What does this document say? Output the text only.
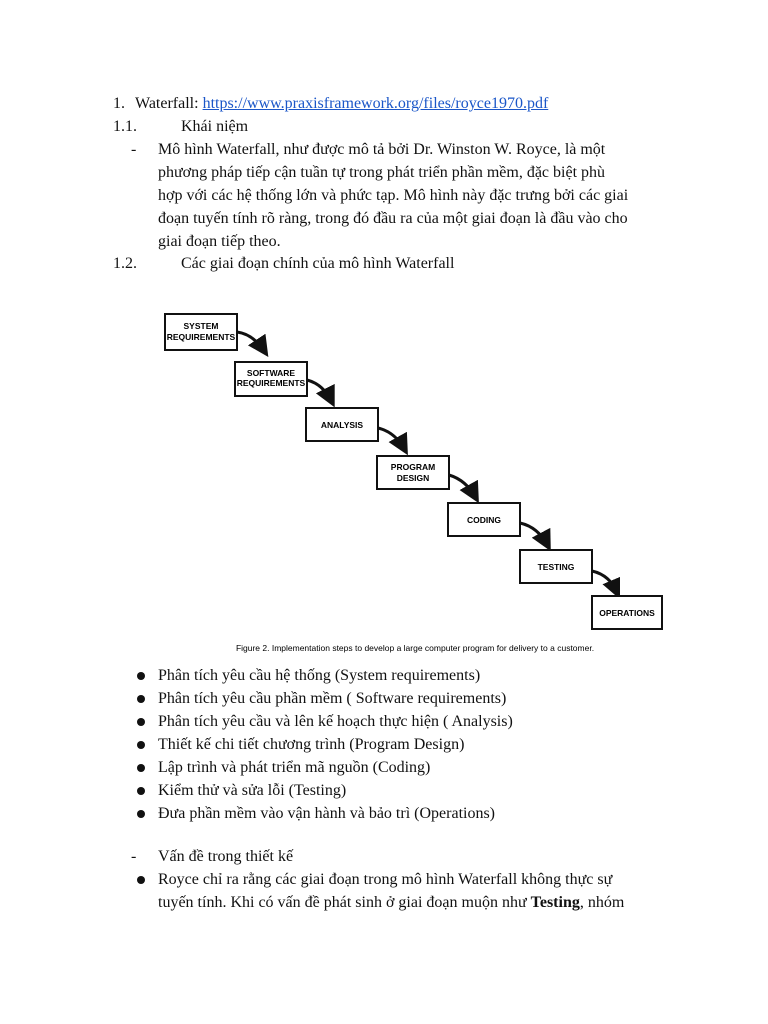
1. Waterfall: https://www.praxisframework.org/files/royce1970.pdf
1.1.	Khái niệm
- Mô hình Waterfall, như được mô tả bởi Dr. Winston W. Royce, là một
phương pháp tiếp cận tuần tự trong phát triển phần mềm, đặc biệt phù
hợp với các hệ thống lớn và phức tạp. Mô hình này đặc trưng bởi các giai
đoạn tuyến tính rõ ràng, trong đó đầu ra của một giai đoạn là đầu vào cho
giai đoạn tiếp theo.
1.2.	Các giai đoạn chính của mô hình Waterfall
SYSTEM
REQUIREMENTS
SOFTWARE
REQUIREMENTS
ANALYSIS
PROGRAM
DESIGN
CODING
TESTING
OPERATIONS
Figure 2. Implementation steps to develop a large computer program for delivery to a customer.
Phân tích yêu cầu hệ thống (System requirements)
Phân tích yêu cầu phần mềm ( Software requirements)
Phân tích yêu cầu và lên kế hoạch thực hiện ( Analysis)
Thiết kế chi tiết chương trình (Program Design)
Lập trình và phát triển mã nguồn (Coding)
Kiểm thử và sửa lỗi (Testing)
Đưa phần mềm vào vận hành và bảo trì (Operations)
- Vấn đề trong thiết kế
Royce chỉ ra rằng các giai đoạn trong mô hình Waterfall không thực sự
tuyến tính. Khi có vấn đề phát sinh ở giai đoạn muộn như Testing, nhóm
